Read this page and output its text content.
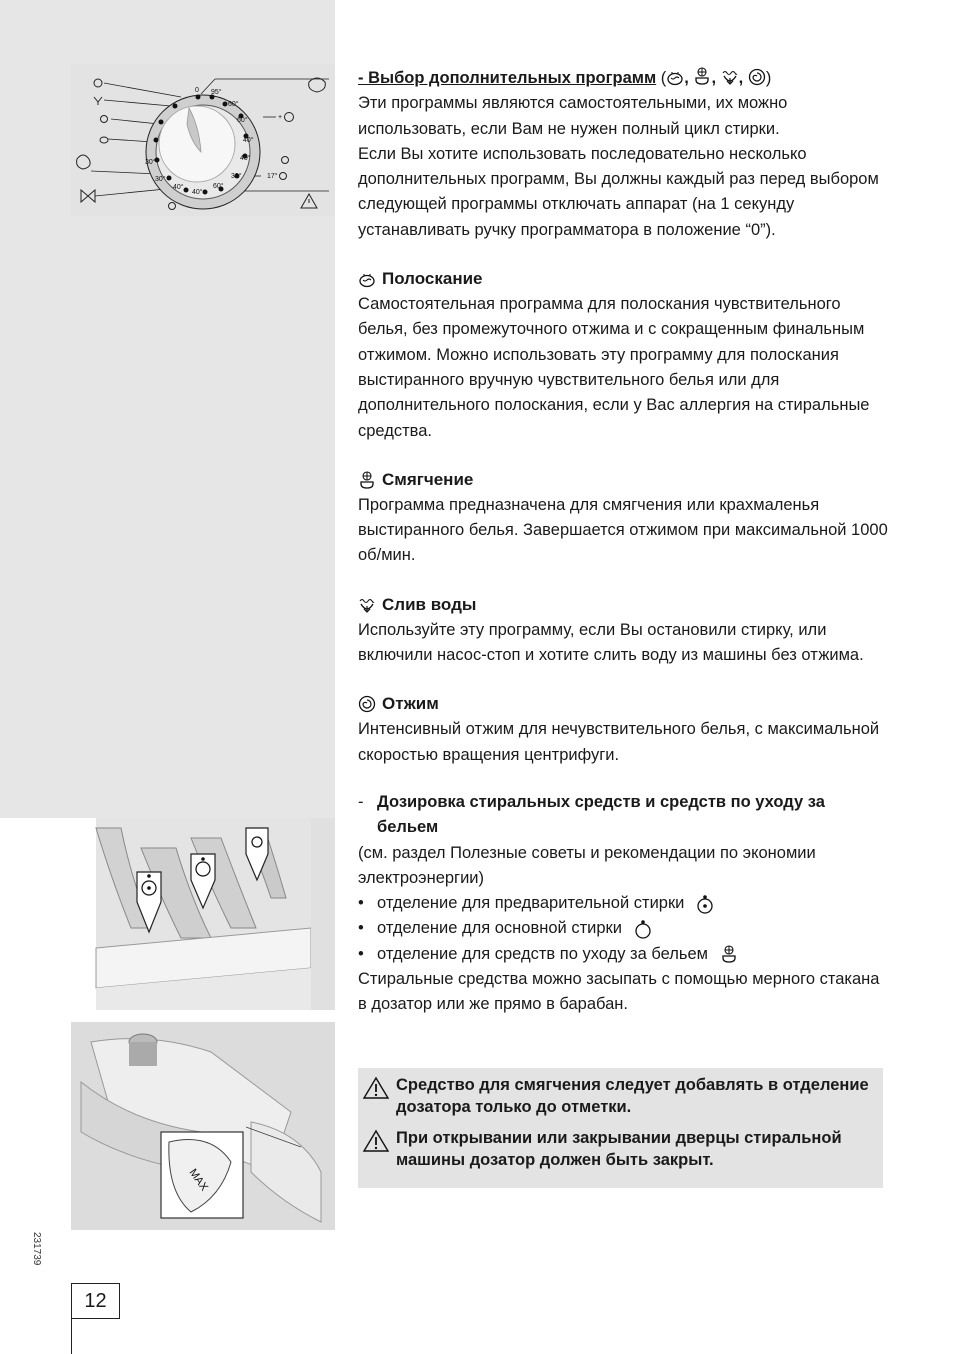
0 95°
60°
60°
40°
40°
30°
60°
40°
40°
30°
30°
17°
+
MAX
231739
12

- Выбор дополнительных программ ( , , , )

Эти программы являются самостоятельными, их можно использовать, если Вам не нужен полный цикл стирки.

Если Вы хотите использовать последовательно несколько дополнительных программ, Вы должны каждый раз перед выбором следующей программы отключать аппарат (на 1 секунду устанавливать ручку программатора в положение “0”).

Полоскание

Самостоятельная программа для полоскания чувствительного белья, без промежуточного отжима и с сокращенным финальным отжимом. Можно использовать эту программу для полоскания выстиранного вручную чувствительного белья или для дополнительного полоскания, если у Вас аллергия на стиральные средства.

Смягчение

Программа предназначена для смягчения или крахмаленья выстиранного белья. Завершается отжимом при максимальной 1000 об/мин.

Слив воды

Используйте эту программу, если Вы остановили стирку, или включили насос-стоп и хотите слить воду из машины без отжима.

Отжим

Интенсивный отжим для нечувствительного белья, с максимальной скоростью вращения центрифуги.

- Дозировка стиральных средств и средств по уходу за бельем

(см. раздел Полезные советы и рекомендации по экономии электроэнергии)

• отделение для предварительной стирки
• отделение для основной стирки
• отделение для средств по уходу за бельем

Стиральные средства можно засыпать с помощью мерного стакана в дозатор или же прямо в барабан.

Средство для смягчения следует добавлять в отделение дозатора только до отметки.
При открывании или закрывании дверцы стиральной машины дозатор должен быть закрыт.
